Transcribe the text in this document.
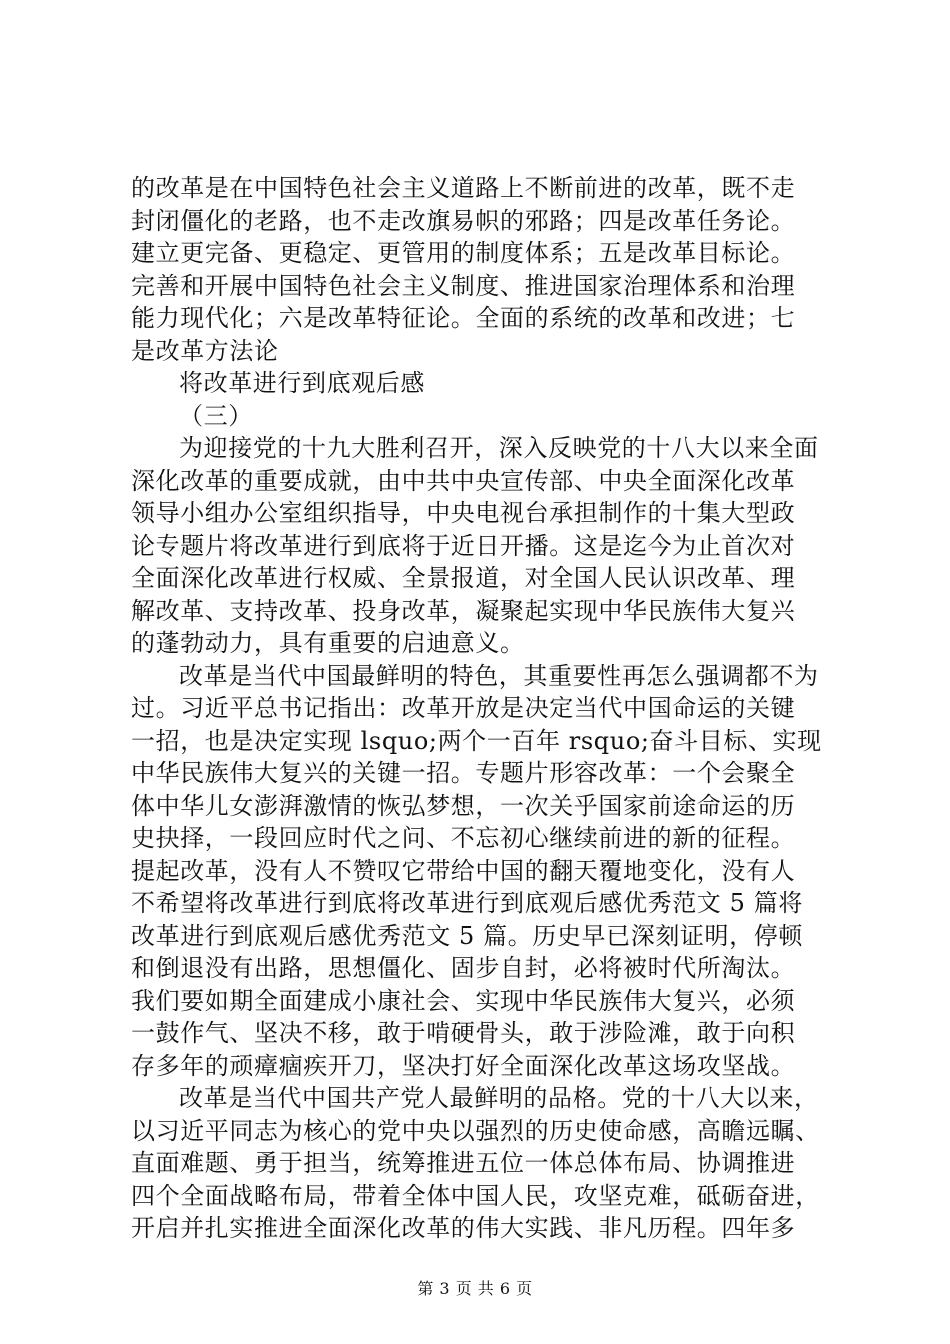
的改革是在中国特色社会主义道路上不断前进的改革，既不走
封闭僵化的老路，也不走改旗易帜的邪路；四是改革任务论。
建立更完备、更稳定、更管用的制度体系；五是改革目标论。
完善和开展中国特色社会主义制度、推进国家治理体系和治理
能力现代化；六是改革特征论。全面的系统的改革和改进；七
是改革方法论
将改革进行到底观后感
（三）
为迎接党的十九大胜利召开，深入反映党的十八大以来全面
深化改革的重要成就，由中共中央宣传部、中央全面深化改革
领导小组办公室组织指导，中央电视台承担制作的十集大型政
论专题片将改革进行到底将于近日开播。这是迄今为止首次对
全面深化改革进行权威、全景报道，对全国人民认识改革、理
解改革、支持改革、投身改革，凝聚起实现中华民族伟大复兴
的蓬勃动力，具有重要的启迪意义。
改革是当代中国最鲜明的特色，其重要性再怎么强调都不为
过。习近平总书记指出：改革开放是决定当代中国命运的关键
一招，也是决定实现 lsquo;两个一百年 rsquo;奋斗目标、实现
中华民族伟大复兴的关键一招。专题片形容改革：一个会聚全
体中华儿女澎湃激情的恢弘梦想，一次关乎国家前途命运的历
史抉择，一段回应时代之问、不忘初心继续前进的新的征程。
提起改革，没有人不赞叹它带给中国的翻天覆地变化，没有人
不希望将改革进行到底将改革进行到底观后感优秀范文 5 篇将
改革进行到底观后感优秀范文 5 篇。历史早已深刻证明，停顿
和倒退没有出路，思想僵化、固步自封，必将被时代所淘汰。
我们要如期全面建成小康社会、实现中华民族伟大复兴，必须
一鼓作气、坚决不移，敢于啃硬骨头，敢于涉险滩，敢于向积
存多年的顽瘴痼疾开刀，坚决打好全面深化改革这场攻坚战。
改革是当代中国共产党人最鲜明的品格。党的十八大以来，
以习近平同志为核心的党中央以强烈的历史使命感，高瞻远瞩、
直面难题、勇于担当，统筹推进五位一体总体布局、协调推进
四个全面战略布局，带着全体中国人民，攻坚克难，砥砺奋进，
开启并扎实推进全面深化改革的伟大实践、非凡历程。四年多
第 3 页 共 6 页
